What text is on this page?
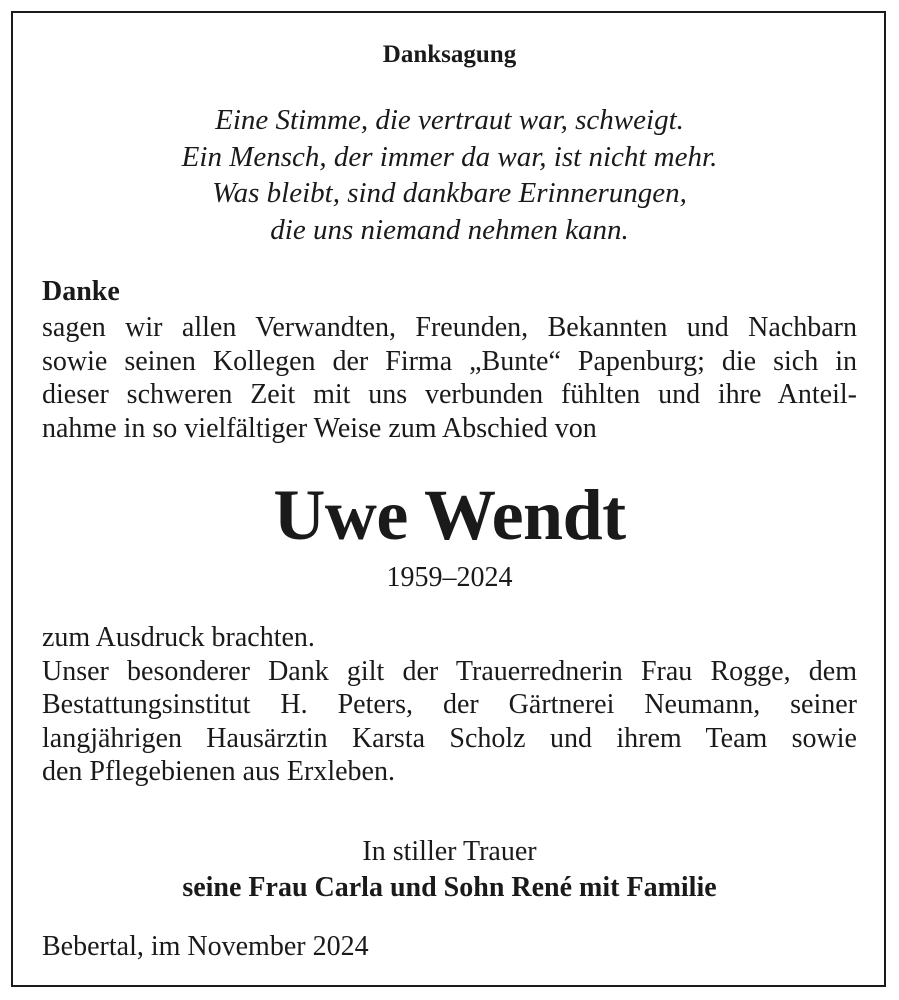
Danksagung
Eine Stimme, die vertraut war, schweigt.
Ein Mensch, der immer da war, ist nicht mehr.
Was bleibt, sind dankbare Erinnerungen,
die uns niemand nehmen kann.
Danke
sagen wir allen Verwandten, Freunden, Bekannten und Nachbarn
sowie seinen Kollegen der Firma „Bunte“ Papenburg; die sich in
dieser schweren Zeit mit uns verbunden fühlten und ihre Anteil-
nahme in so vielfältiger Weise zum Abschied von
Uwe Wendt
1959–2024
zum Ausdruck brachten.
Unser besonderer Dank gilt der Trauerrednerin Frau Rogge, dem
Bestattungsinstitut H. Peters, der Gärtnerei Neumann, seiner
langjährigen Hausärztin Karsta Scholz und ihrem Team sowie
den Pflegebienen aus Erxleben.
In stiller Trauer
seine Frau Carla und Sohn René mit Familie
Bebertal, im November 2024
